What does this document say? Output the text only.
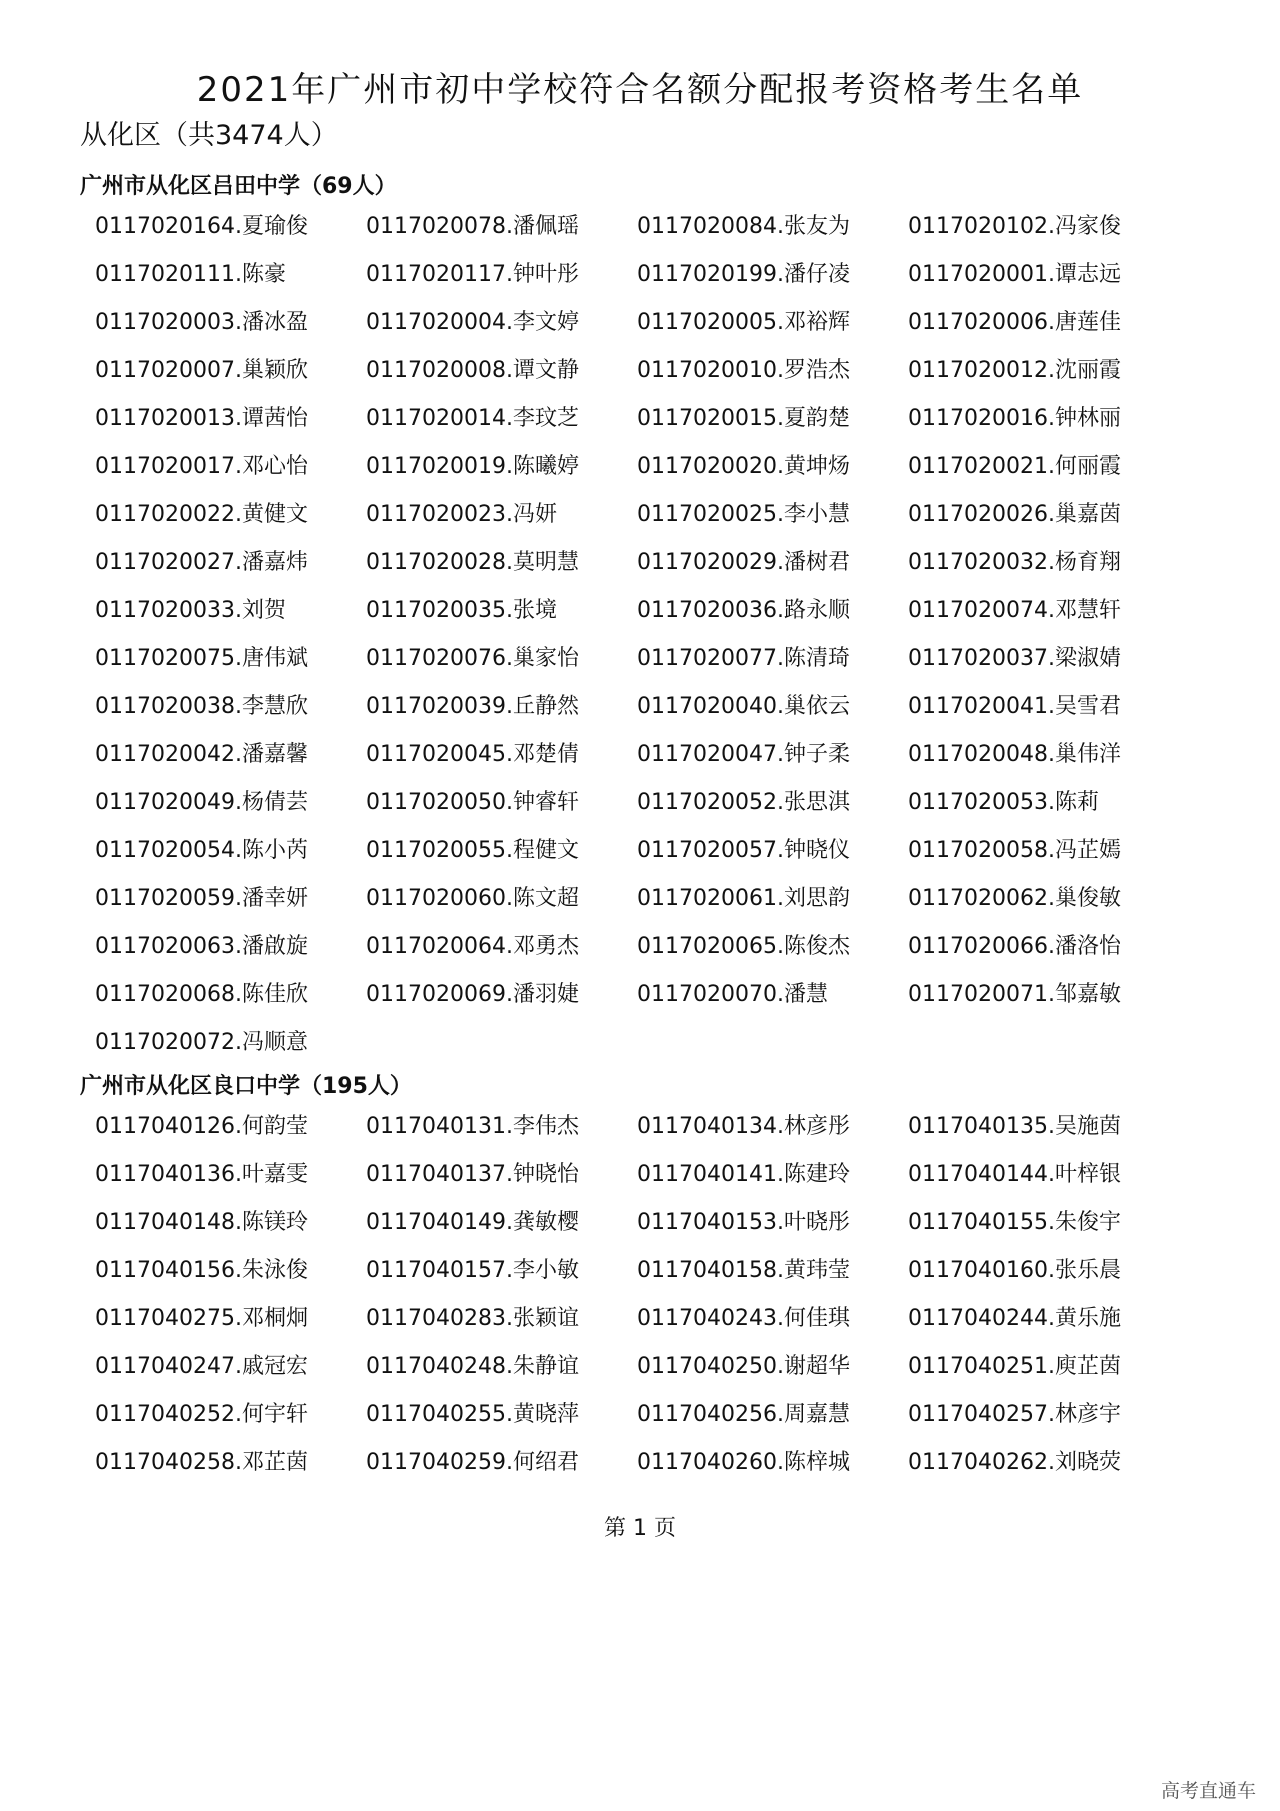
2021年广州市初中学校符合名额分配报考资格考生名单
从化区（共3474人）
广州市从化区吕田中学（69人）
0117020164.夏瑜俊	0117020078.潘佩瑶	0117020084.张友为	0117020102.冯家俊
0117020111.陈豪	0117020117.钟叶彤	0117020199.潘仔凌	0117020001.谭志远
0117020003.潘冰盈	0117020004.李文婷	0117020005.邓裕辉	0117020006.唐莲佳
0117020007.巢颖欣	0117020008.谭文静	0117020010.罗浩杰	0117020012.沈丽霞
0117020013.谭茜怡	0117020014.李玟芝	0117020015.夏韵楚	0117020016.钟林丽
0117020017.邓心怡	0117020019.陈曦婷	0117020020.黄坤炀	0117020021.何丽霞
0117020022.黄健文	0117020023.冯妍	0117020025.李小慧	0117020026.巢嘉茵
0117020027.潘嘉炜	0117020028.莫明慧	0117020029.潘树君	0117020032.杨育翔
0117020033.刘贺	0117020035.张境	0117020036.路永顺	0117020074.邓慧轩
0117020075.唐伟斌	0117020076.巢家怡	0117020077.陈清琦	0117020037.梁淑婧
0117020038.李慧欣	0117020039.丘静然	0117020040.巢依云	0117020041.吴雪君
0117020042.潘嘉馨	0117020045.邓楚倩	0117020047.钟子柔	0117020048.巢伟洋
0117020049.杨倩芸	0117020050.钟睿轩	0117020052.张思淇	0117020053.陈莉
0117020054.陈小芮	0117020055.程健文	0117020057.钟晓仪	0117020058.冯芷嫣
0117020059.潘幸妍	0117020060.陈文超	0117020061.刘思韵	0117020062.巢俊敏
0117020063.潘啟旋	0117020064.邓勇杰	0117020065.陈俊杰	0117020066.潘洛怡
0117020068.陈佳欣	0117020069.潘羽婕	0117020070.潘慧	0117020071.邹嘉敏
0117020072.冯顺意
广州市从化区良口中学（195人）
0117040126.何韵莹	0117040131.李伟杰	0117040134.林彦彤	0117040135.吴施茵
0117040136.叶嘉雯	0117040137.钟晓怡	0117040141.陈建玲	0117040144.叶梓银
0117040148.陈镁玲	0117040149.龚敏樱	0117040153.叶晓彤	0117040155.朱俊宇
0117040156.朱泳俊	0117040157.李小敏	0117040158.黄玮莹	0117040160.张乐晨
0117040275.邓桐炯	0117040283.张颖谊	0117040243.何佳琪	0117040244.黄乐施
0117040247.戚冠宏	0117040248.朱静谊	0117040250.谢超华	0117040251.庾芷茵
0117040252.何宇轩	0117040255.黄晓萍	0117040256.周嘉慧	0117040257.林彦宇
0117040258.邓芷茵	0117040259.何绍君	0117040260.陈梓城	0117040262.刘晓荧
第 1 页
高考直通车
